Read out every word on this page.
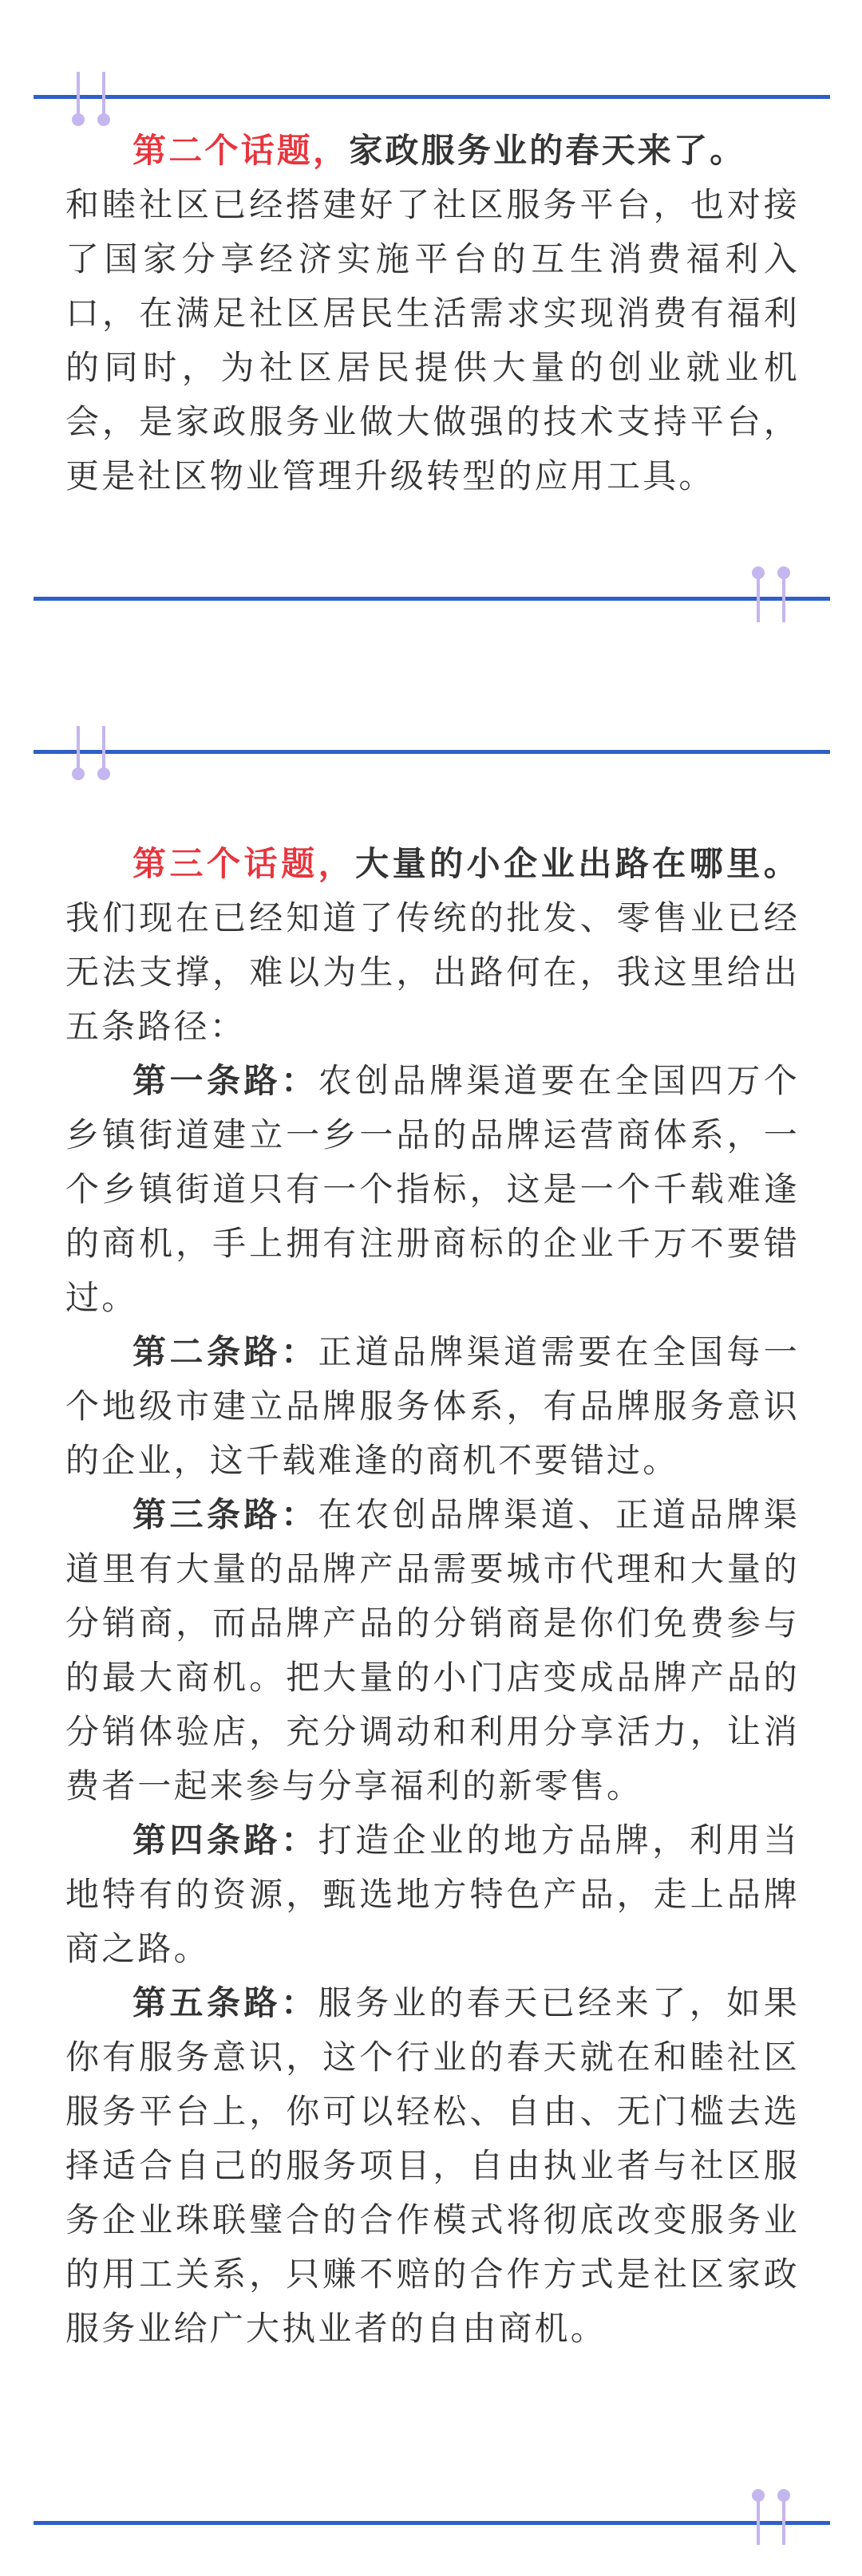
第二个话题，家政服务业的春天来了。

和睦社区已经搭建好了社区服务平台，也对接了国家分享经济实施平台的互生消费福利入口，在满足社区居民生活需求实现消费有福利的同时，为社区居民提供大量的创业就业机会，是家政服务业做大做强的技术支持平台，更是社区物业管理升级转型的应用工具。

第三个话题，大量的小企业出路在哪里。我们现在已经知道了传统的批发、零售业已经无法支撑，难以为生，出路何在，我这里给出五条路径：

第一条路：农创品牌渠道要在全国四万个乡镇街道建立一乡一品的品牌运营商体系，一个乡镇街道只有一个指标，这是一个千载难逢的商机，手上拥有注册商标的企业千万不要错过。

第二条路：正道品牌渠道需要在全国每一个地级市建立品牌服务体系，有品牌服务意识的企业，这千载难逢的商机不要错过。

第三条路：在农创品牌渠道、正道品牌渠道里有大量的品牌产品需要城市代理和大量的分销商，而品牌产品的分销商是你们免费参与的最大商机。把大量的小门店变成品牌产品的分销体验店，充分调动和利用分享活力，让消费者一起来参与分享福利的新零售。

第四条路：打造企业的地方品牌，利用当地特有的资源，甄选地方特色产品，走上品牌商之路。

第五条路：服务业的春天已经来了，如果你有服务意识，这个行业的春天就在和睦社区服务平台上，你可以轻松、自由、无门槛去选择适合自己的服务项目，自由执业者与社区服务企业珠联璧合的合作模式将彻底改变服务业的用工关系，只赚不赔的合作方式是社区家政服务业给广大执业者的自由商机。
